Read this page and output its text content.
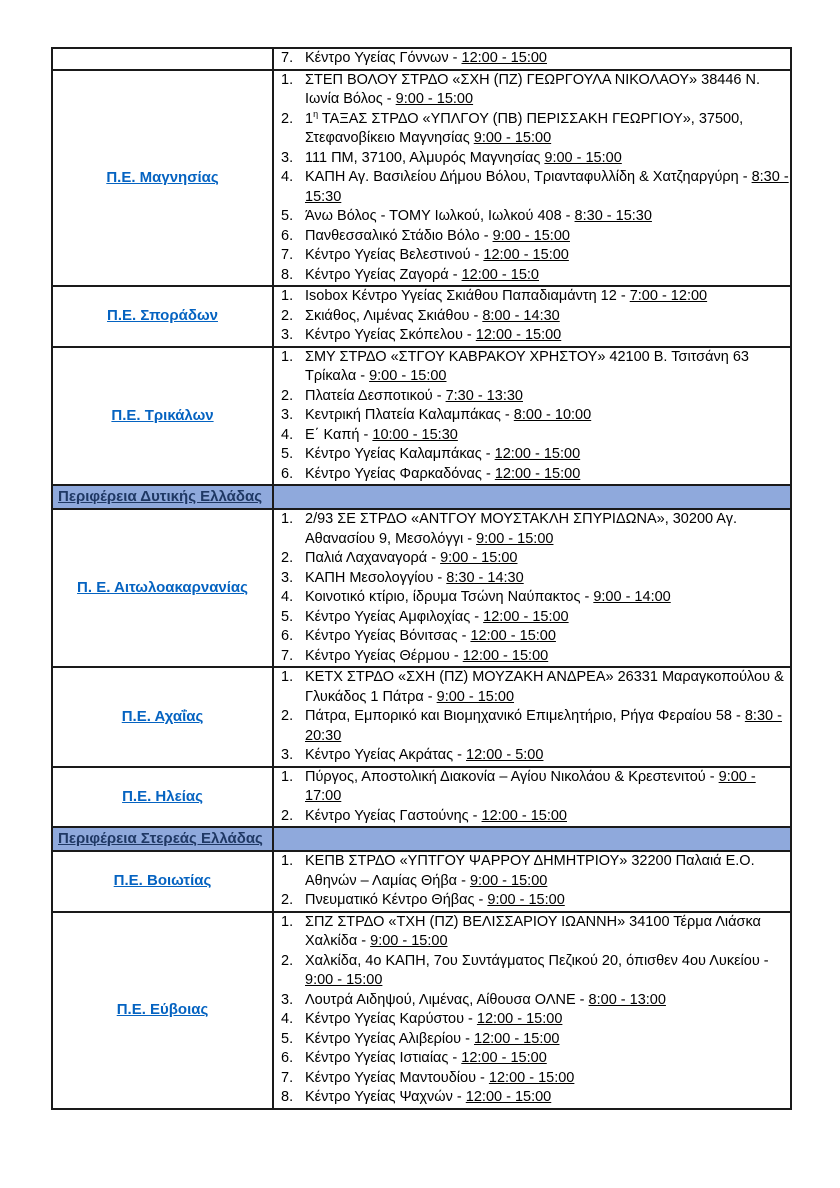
7. Κέντρο Υγείας Γόννων - 12:00 - 15:00

Π.Ε. Μαγνησίας	
1. ΣΤΕΠ ΒΟΛΟΥ ΣΤΡΔΟ «ΣΧΗ (ΠΖ) ΓΕΩΡΓΟΥΛΑ ΝΙΚΟΛΑΟΥ» 38446 Ν. Ιωνία Βόλος - 9:00 - 15:00
2. $1^\eta$ ΤΑΞΑΣ ΣΤΡΔΟ «ΥΠΛΓΟΥ (ΠΒ) ΠΕΡΙΣΣΑΚΗ ΓΕΩΡΓΙΟΥ», 37500, Στεφανοβίκειο Μαγνησίας 9:00 - 15:00
3. 111 ΠΜ, 37100, Αλμυρός Μαγνησίας 9:00 - 15:00
4. ΚΑΠΗ Αγ. Βασιλείου Δήμου Βόλου, Τριανταφυλλίδη & Χατζηαργύρη - 8:30 - 15:30
5. Άνω Βόλος - ΤΟΜΥ Ιωλκού, Ιωλκού 408 - 8:30 - 15:30
6. Πανθεσσαλικό Στάδιο Βόλο - 9:00 - 15:00
7. Κέντρο Υγείας Βελεστινού - 12:00 - 15:00
8. Κέντρο Υγείας Ζαγορά - 12:00 - 15:0

Π.Ε. Σποράδων	
1. Isobox Κέντρο Υγείας Σκιάθου Παπαδιαμάντη 12 - 7:00 - 12:00
2. Σκιάθος, Λιμένας Σκιάθου - 8:00 - 14:30
3. Κέντρο Υγείας Σκόπελου - 12:00 - 15:00

Π.Ε. Τρικάλων	
1. ΣΜΥ ΣΤΡΔΟ «ΣΤΓΟΥ ΚΑΒΡΑΚΟΥ ΧΡΗΣΤΟΥ» 42100 Β. Τσιτσάνη 63 Τρίκαλα - 9:00 - 15:00
2. Πλατεία Δεσποτικού - 7:30 - 13:30
3. Κεντρική Πλατεία Καλαμπάκας - 8:00 - 10:00
4. Ε΄ Καπή - 10:00 - 15:30
5. Κέντρο Υγείας Καλαμπάκας - 12:00 - 15:00
6. Κέντρο Υγείας Φαρκαδόνας - 12:00 - 15:00

Περιφέρεια Δυτικής Ελλάδας	
Π. Ε. Αιτωλοακαρνανίας	
1. 2/93 ΣΕ ΣΤΡΔΟ «ΑΝΤΓΟΥ ΜΟΥΣΤΑΚΛΗ ΣΠΥΡΙΔΩΝΑ», 30200 Αγ. Αθανασίου 9, Μεσολόγγι - 9:00 - 15:00
2. Παλιά Λαχαναγορά - 9:00 - 15:00
3. ΚΑΠΗ Μεσολογγίου - 8:30 - 14:30
4. Κοινοτικό κτίριο, ίδρυμα Τσώνη Ναύπακτος - 9:00 - 14:00
5. Κέντρο Υγείας Αμφιλοχίας - 12:00 - 15:00
6. Κέντρο Υγείας Βόνιτσας - 12:00 - 15:00
7. Κέντρο Υγείας Θέρμου - 12:00 - 15:00

Π.Ε. Αχαΐας	
1. ΚΕΤΧ ΣΤΡΔΟ «ΣΧΗ (ΠΖ) ΜΟΥΖΑΚΗ ΑΝΔΡΕΑ» 26331 Μαραγκοπούλου & Γλυκάδος 1 Πάτρα - 9:00 - 15:00
2. Πάτρα, Εμπορικό και Βιομηχανικό Επιμελητήριο, Ρήγα Φεραίου 58 - 8:30 - 20:30
3. Κέντρο Υγείας Ακράτας - 12:00 - 5:00

Π.Ε. Ηλείας	
1. Πύργος, Αποστολική Διακονία – Αγίου Νικολάου & Κρεστενιτού - 9:00 - 17:00
2. Κέντρο Υγείας Γαστούνης - 12:00 - 15:00

Περιφέρεια Στερεάς Ελλάδας	
Π.Ε. Βοιωτίας	
1. ΚΕΠΒ ΣΤΡΔΟ «ΥΠΤΓΟΥ ΨΑΡΡΟΥ ΔΗΜΗΤΡΙΟΥ» 32200 Παλαιά Ε.Ο. Αθηνών – Λαμίας Θήβα - 9:00 - 15:00
2. Πνευματικό Κέντρο Θήβας - 9:00 - 15:00

Π.Ε. Εύβοιας	
1. ΣΠΖ ΣΤΡΔΟ «ΤΧΗ (ΠΖ) ΒΕΛΙΣΣΑΡΙΟΥ ΙΩΑΝΝΗ» 34100 Τέρμα Λιάσκα Χαλκίδα - 9:00 - 15:00
2. Χαλκίδα, 4ο ΚΑΠΗ, 7ου Συντάγματος Πεζικού 20, όπισθεν 4ου Λυκείου - 9:00 - 15:00
3. Λουτρά Αιδηψού, Λιμένας, Αίθουσα ΟΛΝΕ - 8:00 - 13:00
4. Κέντρο Υγείας Καρύστου - 12:00 - 15:00
5. Κέντρο Υγείας Αλιβερίου - 12:00 - 15:00
6. Κέντρο Υγείας Ιστιαίας - 12:00 - 15:00
7. Κέντρο Υγείας Μαντουδίου - 12:00 - 15:00
8. Κέντρο Υγείας Ψαχνών - 12:00 - 15:00
